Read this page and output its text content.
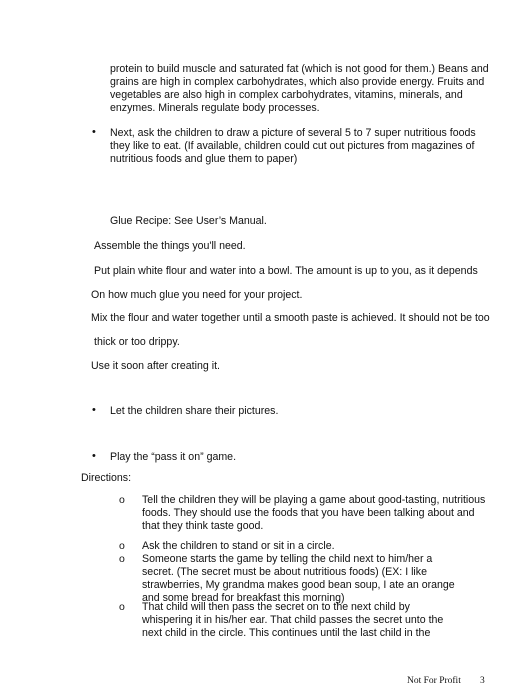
protein to build muscle and saturated fat (which is not good for them.) Beans and
grains are high in complex carbohydrates, which also provide energy. Fruits and
vegetables are also high in complex carbohydrates, vitamins, minerals, and
enzymes. Minerals regulate body processes.
• Next, ask the children to draw a picture of several 5 to 7 super nutritious foods
they like to eat. (If available, children could cut out pictures from magazines of
nutritious foods and glue them to paper)
Glue Recipe: See User’s Manual.
Assemble the things you'll need.
Put plain white flour and water into a bowl. The amount is up to you, as it depends
On how much glue you need for your project.
Mix the flour and water together until a smooth paste is achieved. It should not be too
thick or too drippy.
Use it soon after creating it.
• Let the children share their pictures.
• Play the “pass it on” game.
Directions:
o Tell the children they will be playing a game about good-tasting, nutritious
foods. They should use the foods that you have been talking about and
that they think taste good.
o Ask the children to stand or sit in a circle.
o Someone starts the game by telling the child next to him/her a
secret. (The secret must be about nutritious foods) (EX: I like
strawberries, My grandma makes good bean soup, I ate an orange
and some bread for breakfast this morning)
o That child will then pass the secret on to the next child by
whispering it in his/her ear. That child passes the secret unto the
next child in the circle. This continues until the last child in the
Not For Profit 3
